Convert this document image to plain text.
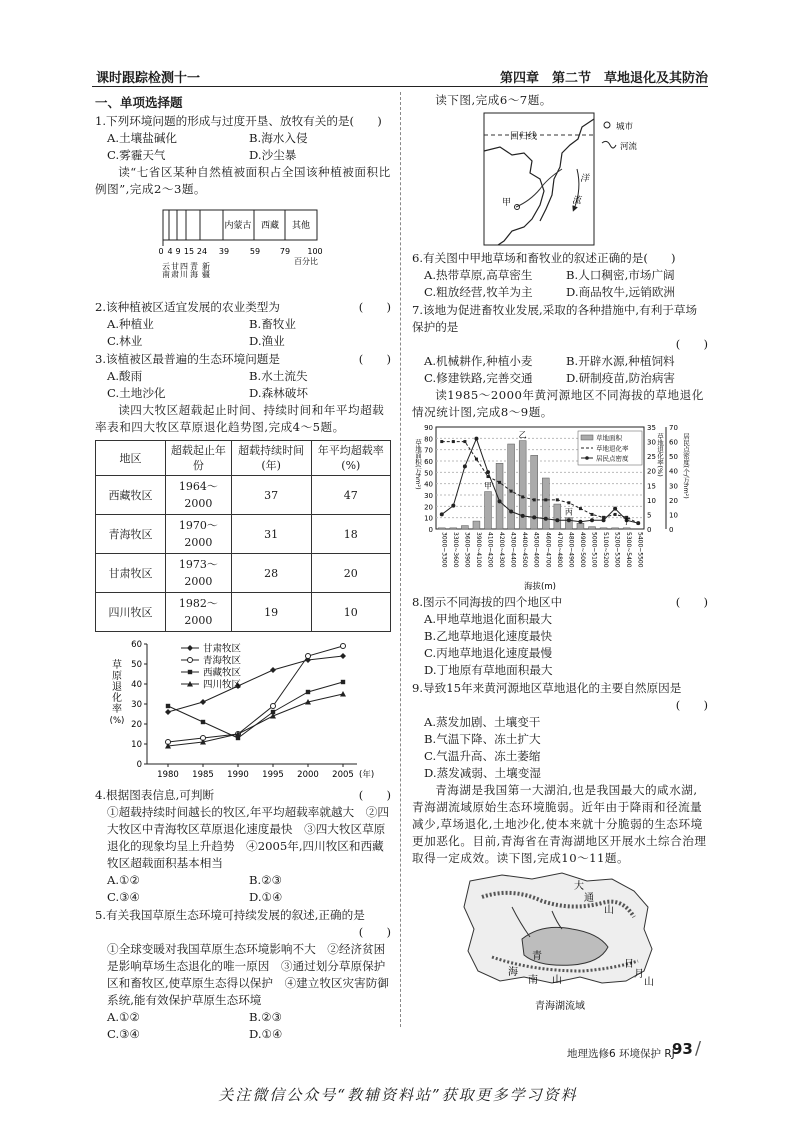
课时跟踪检测十一	第四章　第二节　草地退化及其防治
一、单项选择题
1.下列环境问题的形成与过度开垦、放牧有关的是(　　)
A.土壤盐碱化	B.海水入侵
C.雾霾天气	D.沙尘暴
读“七省区某种自然植被面积占全国该种植被面积比例图”,完成2～3题。
内蒙古 西藏 其他
0 4 9 15 24 39	59 79 100
百分比
云南 甘肃 四川 青海 新疆
2.该种植被区适宜发展的农业类型为	(　　)
A.种植业	B.畜牧业
C.林业	D.渔业
3.该植被区最普遍的生态环境问题是	(　　)
A.酸雨	B.水土流失
C.土地沙化	D.森林破坏
读四大牧区超载起止时间、持续时间和年平均超载率表和四大牧区草原退化趋势图,完成4～5题。
地区	超载起止年份	超载持续时间(年)	年平均超载率(%)
西藏牧区	1964～2000	37	47
青海牧区	1970～2000	31	18
甘肃牧区	1973～2000	28	20
四川牧区	1982～2000	19	10
0
10
20
30
40
50
60
1980 1985 1990 1995 2000 2005 (年)
草
原
退
化
率
(%)
甘肃牧区
青海牧区
西藏牧区
四川牧区
4.根据图表信息,可判断	(　　)
①超载持续时间越长的牧区,年平均超载率就越大　②四大牧区中青海牧区草原退化速度最快　③四大牧区草原退化的现象均呈上升趋势　④2005年,四川牧区和西藏牧区超载面积基本相当
A.①②	B.②③
C.③④	D.①④
5.有关我国草原生态环境可持续发展的叙述,正确的是
(　　)
①全球变暖对我国草原生态环境影响不大　②经济贫困是影响草场生态退化的唯一原因　③通过划分草原保护区和畜牧区,使草原生态得以保护　④建立牧区灾害防御系统,能有效保护草原生态环境
A.①②	B.②③
C.③④	D.①④
读下图,完成6～7题。
回归线
甲
洋
流
城市
河流
6.有关图中甲地草场和畜牧业的叙述正确的是(　　)
A.热带草原,高草密生	B.人口稠密,市场广阔
C.粗放经营,牧羊为主	D.商品牧牛,远销欧洲
7.该地为促进畜牧业发展,采取的各种措施中,有利于草场保护的是
(　　)
A.机械耕作,种植小麦	B.开辟水源,种植饲料
C.修建铁路,完善交通	D.研制疫苗,防治病害
读1985～2000年黄河源地区不同海拔的草地退化情况统计图,完成8～9题。
0
10
20
30
40
50
60
70
80
90
0
5
10
15
20
25
30
35
0
10
20
30
40
50
60
70
甲
乙
丙
丁
3000~3300 3300~3600 3600~3900 3900~4100 4100~4200 4200~4300 4300~4400 4400~4500 4500~4600 4600~4700 4700~4800 4800~4900 4900~5000 5000~5100 5100~5200 5200~5300 5300~5400 5400~5500
海拔(m)
草地面积(万hm²)	草地退化率(%)	居民点密度(个/万hm²)
草地面积
草地退化率
居民点密度
8.图示不同海拔的四个地区中	(　　)
A.甲地草地退化面积最大
B.乙地草地退化速度最快
C.丙地草地退化速度最慢
D.丁地原有草地面积最大
9.导致15年来黄河源地区草地退化的主要自然原因是
(　　)
A.蒸发加剧、土壤变干
B.气温下降、冻土扩大
C.气温升高、冻土萎缩
D.蒸发减弱、土壤变湿
青海湖是我国第一大湖泊,也是我国最大的咸水湖,青海湖流域原始生态环境脆弱。近年由于降雨和径流量减少,草场退化,土地沙化,使本来就十分脆弱的生态环境更加恶化。目前,青海省在青海湖地区开展水土综合治理取得一定成效。读下图,完成10～11题。
大
通
山
青
海
南 山
日
月
山
青海湖流域
地理选修6 环境保护 RJ
93 /
关注微信公众号“教辅资料站”获取更多学习资料
